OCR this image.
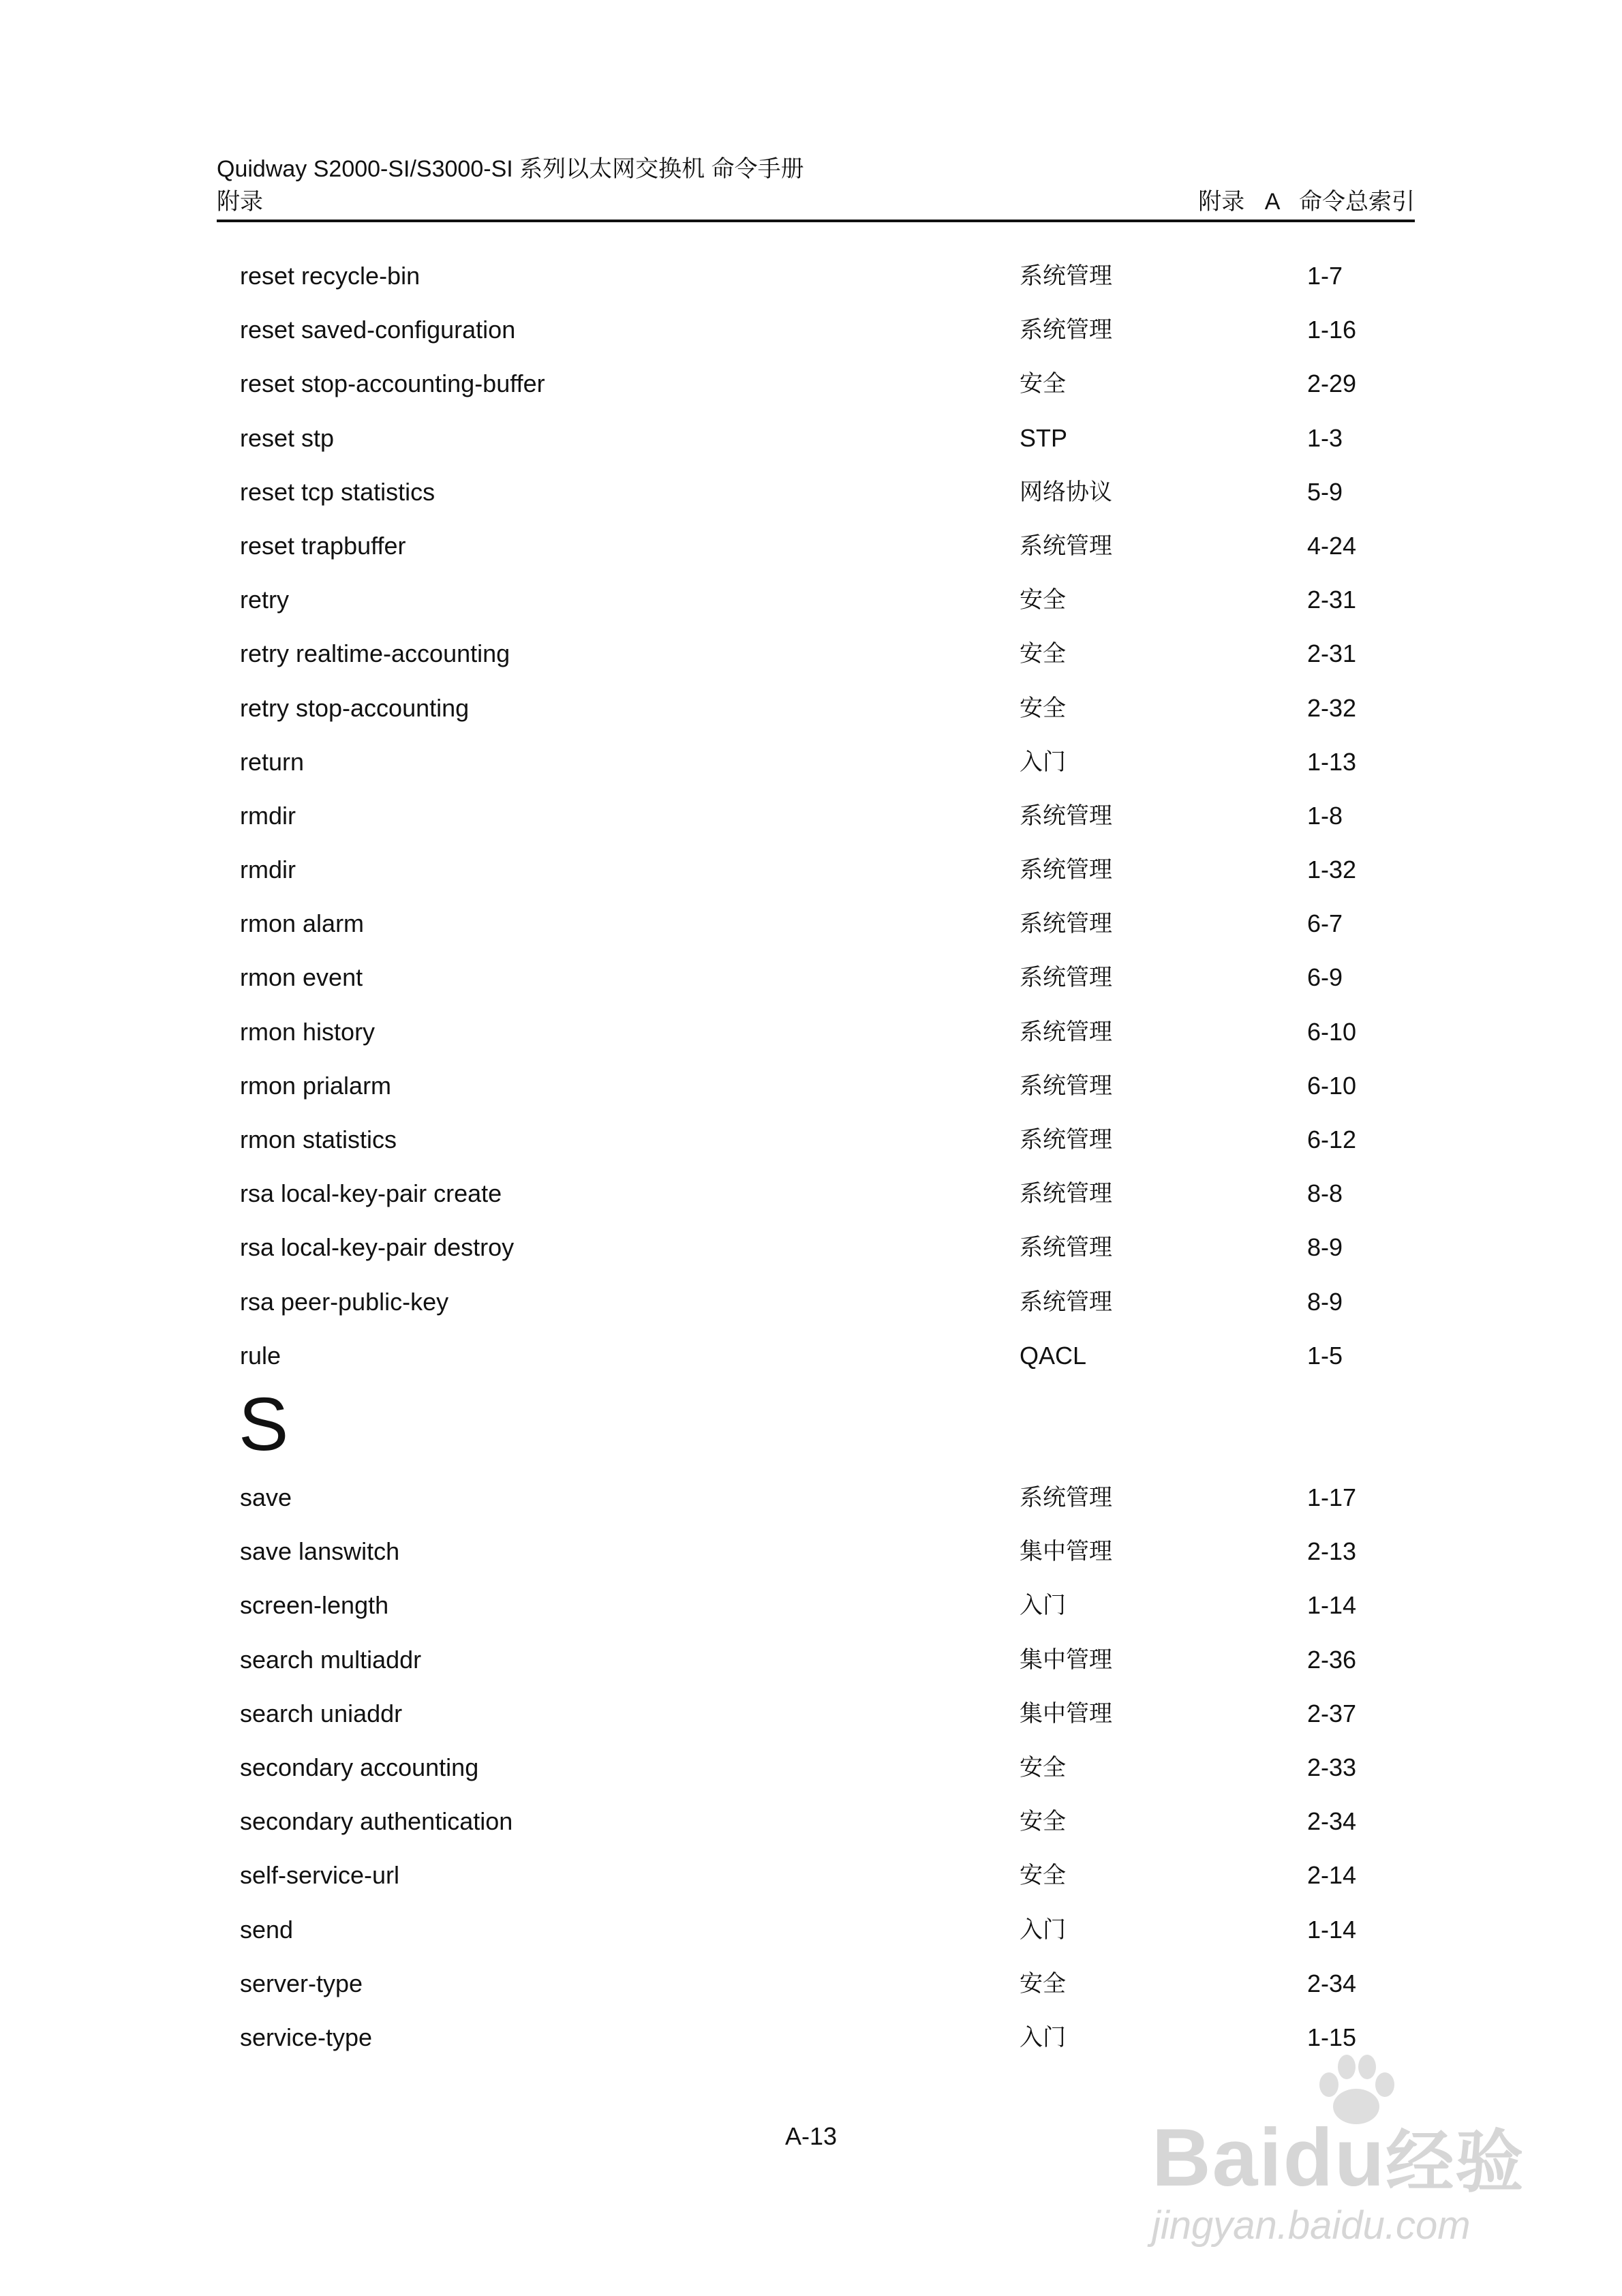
Quidway S2000-SI/S3000-SI 系列以太网交换机 命令手册
附录	附录 A 命令总索引
reset recycle-bin	系统管理	1-7
reset saved-configuration	系统管理	1-16
reset stop-accounting-buffer	安全	2-29
reset stp	STP	1-3
reset tcp statistics	网络协议	5-9
reset trapbuffer	系统管理	4-24
retry	安全	2-31
retry realtime-accounting	安全	2-31
retry stop-accounting	安全	2-32
return	入门	1-13
rmdir	系统管理	1-8
rmdir	系统管理	1-32
rmon alarm	系统管理	6-7
rmon event	系统管理	6-9
rmon history	系统管理	6-10
rmon prialarm	系统管理	6-10
rmon statistics	系统管理	6-12
rsa local-key-pair create	系统管理	8-8
rsa local-key-pair destroy	系统管理	8-9
rsa peer-public-key	系统管理	8-9
rule	QACL	1-5
S
save	系统管理	1-17
save lanswitch	集中管理	2-13
screen-length	入门	1-14
search multiaddr	集中管理	2-36
search uniaddr	集中管理	2-37
secondary accounting	安全	2-33
secondary authentication	安全	2-34
self-service-url	安全	2-14
send	入门	1-14
server-type	安全	2-34
service-type	入门	1-15
A-13	Baidu经验
jingyan.baidu.com
